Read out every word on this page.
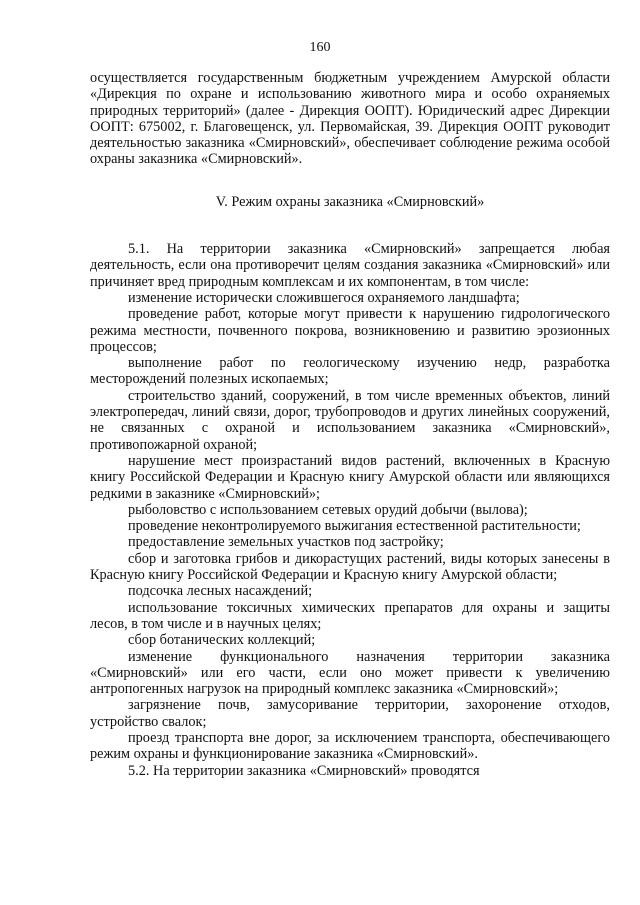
160

осуществляется государственным бюджетным учреждением Амурской области «Дирекция по охране и использованию животного мира и особо охраняемых природных территорий» (далее - Дирекция ООПТ). Юридический адрес Дирекции ООПТ: 675002, г. Благовещенск, ул. Первомайская, 39. Дирекция ООПТ руководит деятельностью заказника «Смирновский», обеспечивает соблюдение режима особой охраны заказника «Смирновский».

V. Режим охраны заказника «Смирновский»

5.1. На территории заказника «Смирновский» запрещается любая деятельность, если она противоречит целям создания заказника «Смирновский» или причиняет вред природным комплексам и их компонентам, в том числе:

изменение исторически сложившегося охраняемого ландшафта;

проведение работ, которые могут привести к нарушению гидрологического режима местности, почвенного покрова, возникновению и развитию эрозионных процессов;

выполнение работ по геологическому изучению недр, разработка месторождений полезных ископаемых;

строительство зданий, сооружений, в том числе временных объектов, линий электропередач, линий связи, дорог, трубопроводов и других линейных сооружений, не связанных с охраной и использованием заказника «Смирновский», противопожарной охраной;

нарушение мест произрастаний видов растений, включенных в Красную книгу Российской Федерации и Красную книгу Амурской области или являющихся редкими в заказнике «Смирновский»;

рыболовство с использованием сетевых орудий добычи (вылова);

проведение неконтролируемого выжигания естественной растительности;

предоставление земельных участков под застройку;

сбор и заготовка грибов и дикорастущих растений, виды которых занесены в Красную книгу Российской Федерации и Красную книгу Амурской области;

подсочка лесных насаждений;

использование токсичных химических препаратов для охраны и защиты лесов, в том числе и в научных целях;

сбор ботанических коллекций;

изменение функционального назначения территории заказника «Смирновский» или его части, если оно может привести к увеличению антропогенных нагрузок на природный комплекс заказника «Смирновский»;

загрязнение почв, замусоривание территории, захоронение отходов, устройство свалок;

проезд транспорта вне дорог, за исключением транспорта, обеспечивающего режим охраны и функционирование заказника «Смирновский».

5.2. На территории заказника «Смирновский» проводятся
